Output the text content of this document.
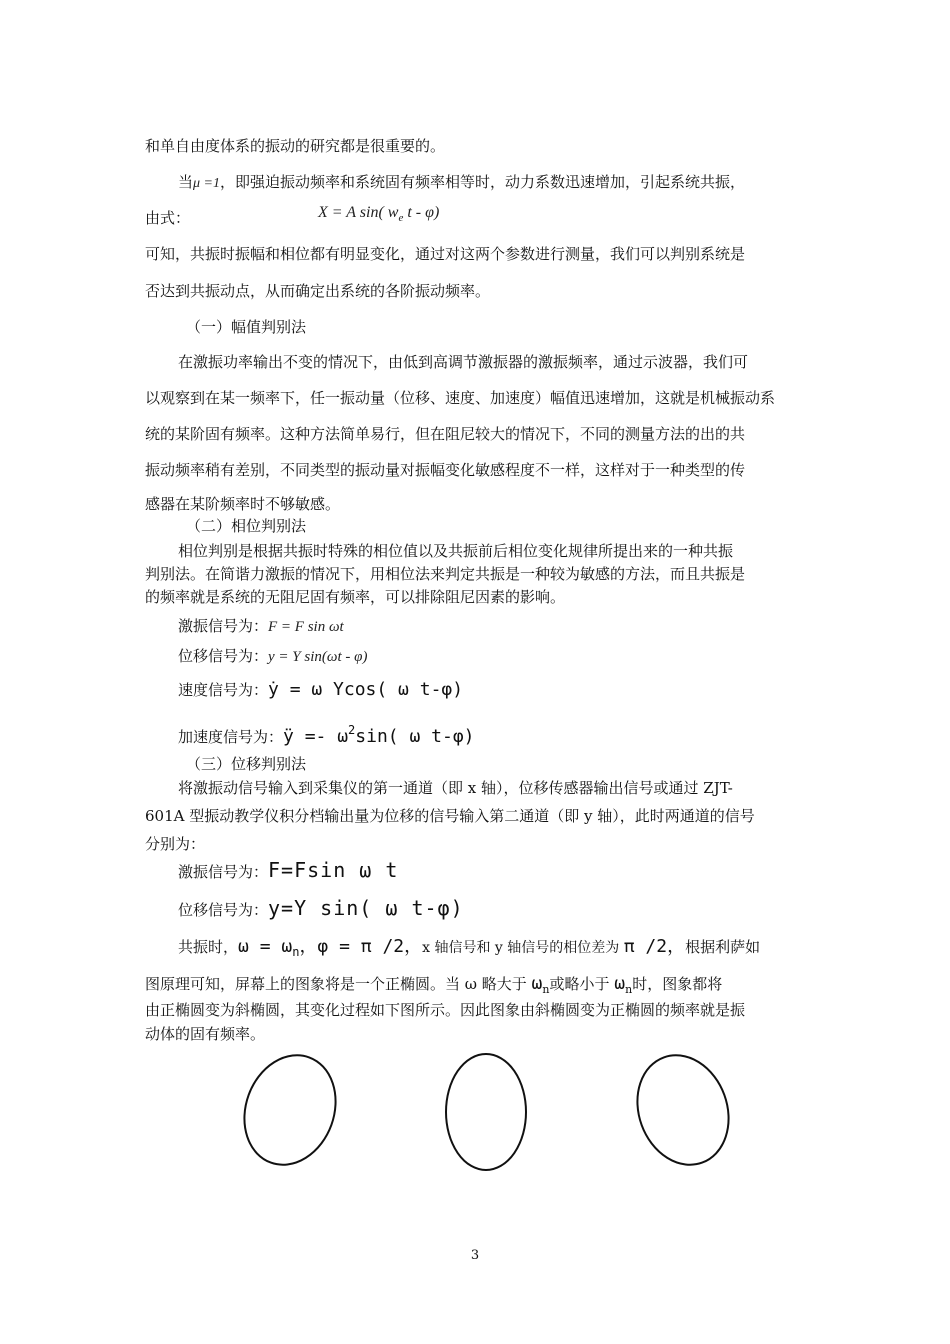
和单自由度体系的振动的研究都是很重要的。
当μ =1，即强迫振动频率和系统固有频率相等时，动力系数迅速增加，引起系统共振，
由式：	X = A sin( $w_e$ t - φ)
可知，共振时振幅和相位都有明显变化，通过对这两个参数进行测量，我们可以判别系统是
否达到共振动点，从而确定出系统的各阶振动频率。
（一）幅值判别法
在激振功率输出不变的情况下，由低到高调节激振器的激振频率，通过示波器，我们可
以观察到在某一频率下，任一振动量（位移、速度、加速度）幅值迅速增加，这就是机械振动系
统的某阶固有频率。这种方法简单易行，但在阻尼较大的情况下，不同的测量方法的出的共
振动频率稍有差别，不同类型的振动量对振幅变化敏感程度不一样，这样对于一种类型的传
感器在某阶频率时不够敏感。
（二）相位判别法
相位判别是根据共振时特殊的相位值以及共振前后相位变化规律所提出来的一种共振
判别法。在简谐力激振的情况下，用相位法来判定共振是一种较为敏感的方法，而且共振是
的频率就是系统的无阻尼固有频率，可以排除阻尼因素的影响。
激振信号为：F = F sin ωt
位移信号为：y = Y sin(ωt - φ)
速度信号为：ẏ = ω Ycos( ω t-φ)
加速度信号为：ÿ =- $\omega^2\sin$( ω t-φ)
（三）位移判别法
将激振动信号输入到采集仪的第一通道（即 x 轴），位移传感器输出信号或通过 ZJT-
601A 型振动教学仪积分档输出量为位移的信号输入第二通道（即 y 轴），此时两通道的信号
分别为：
激振信号为：F=Fsin ω t
位移信号为：y=Y sin( ω t-φ)
共振时，$\omega = \omega_n$，φ = π /2，x 轴信号和 y 轴信号的相位差为 π /2，根据利萨如
图原理可知，屏幕上的图象将是一个正椭圆。当 ω 略大于 $\omega_n$或略小于 $\omega_n$时，图象都将
由正椭圆变为斜椭圆，其变化过程如下图所示。因此图象由斜椭圆变为正椭圆的频率就是振
动体的固有频率。
3
